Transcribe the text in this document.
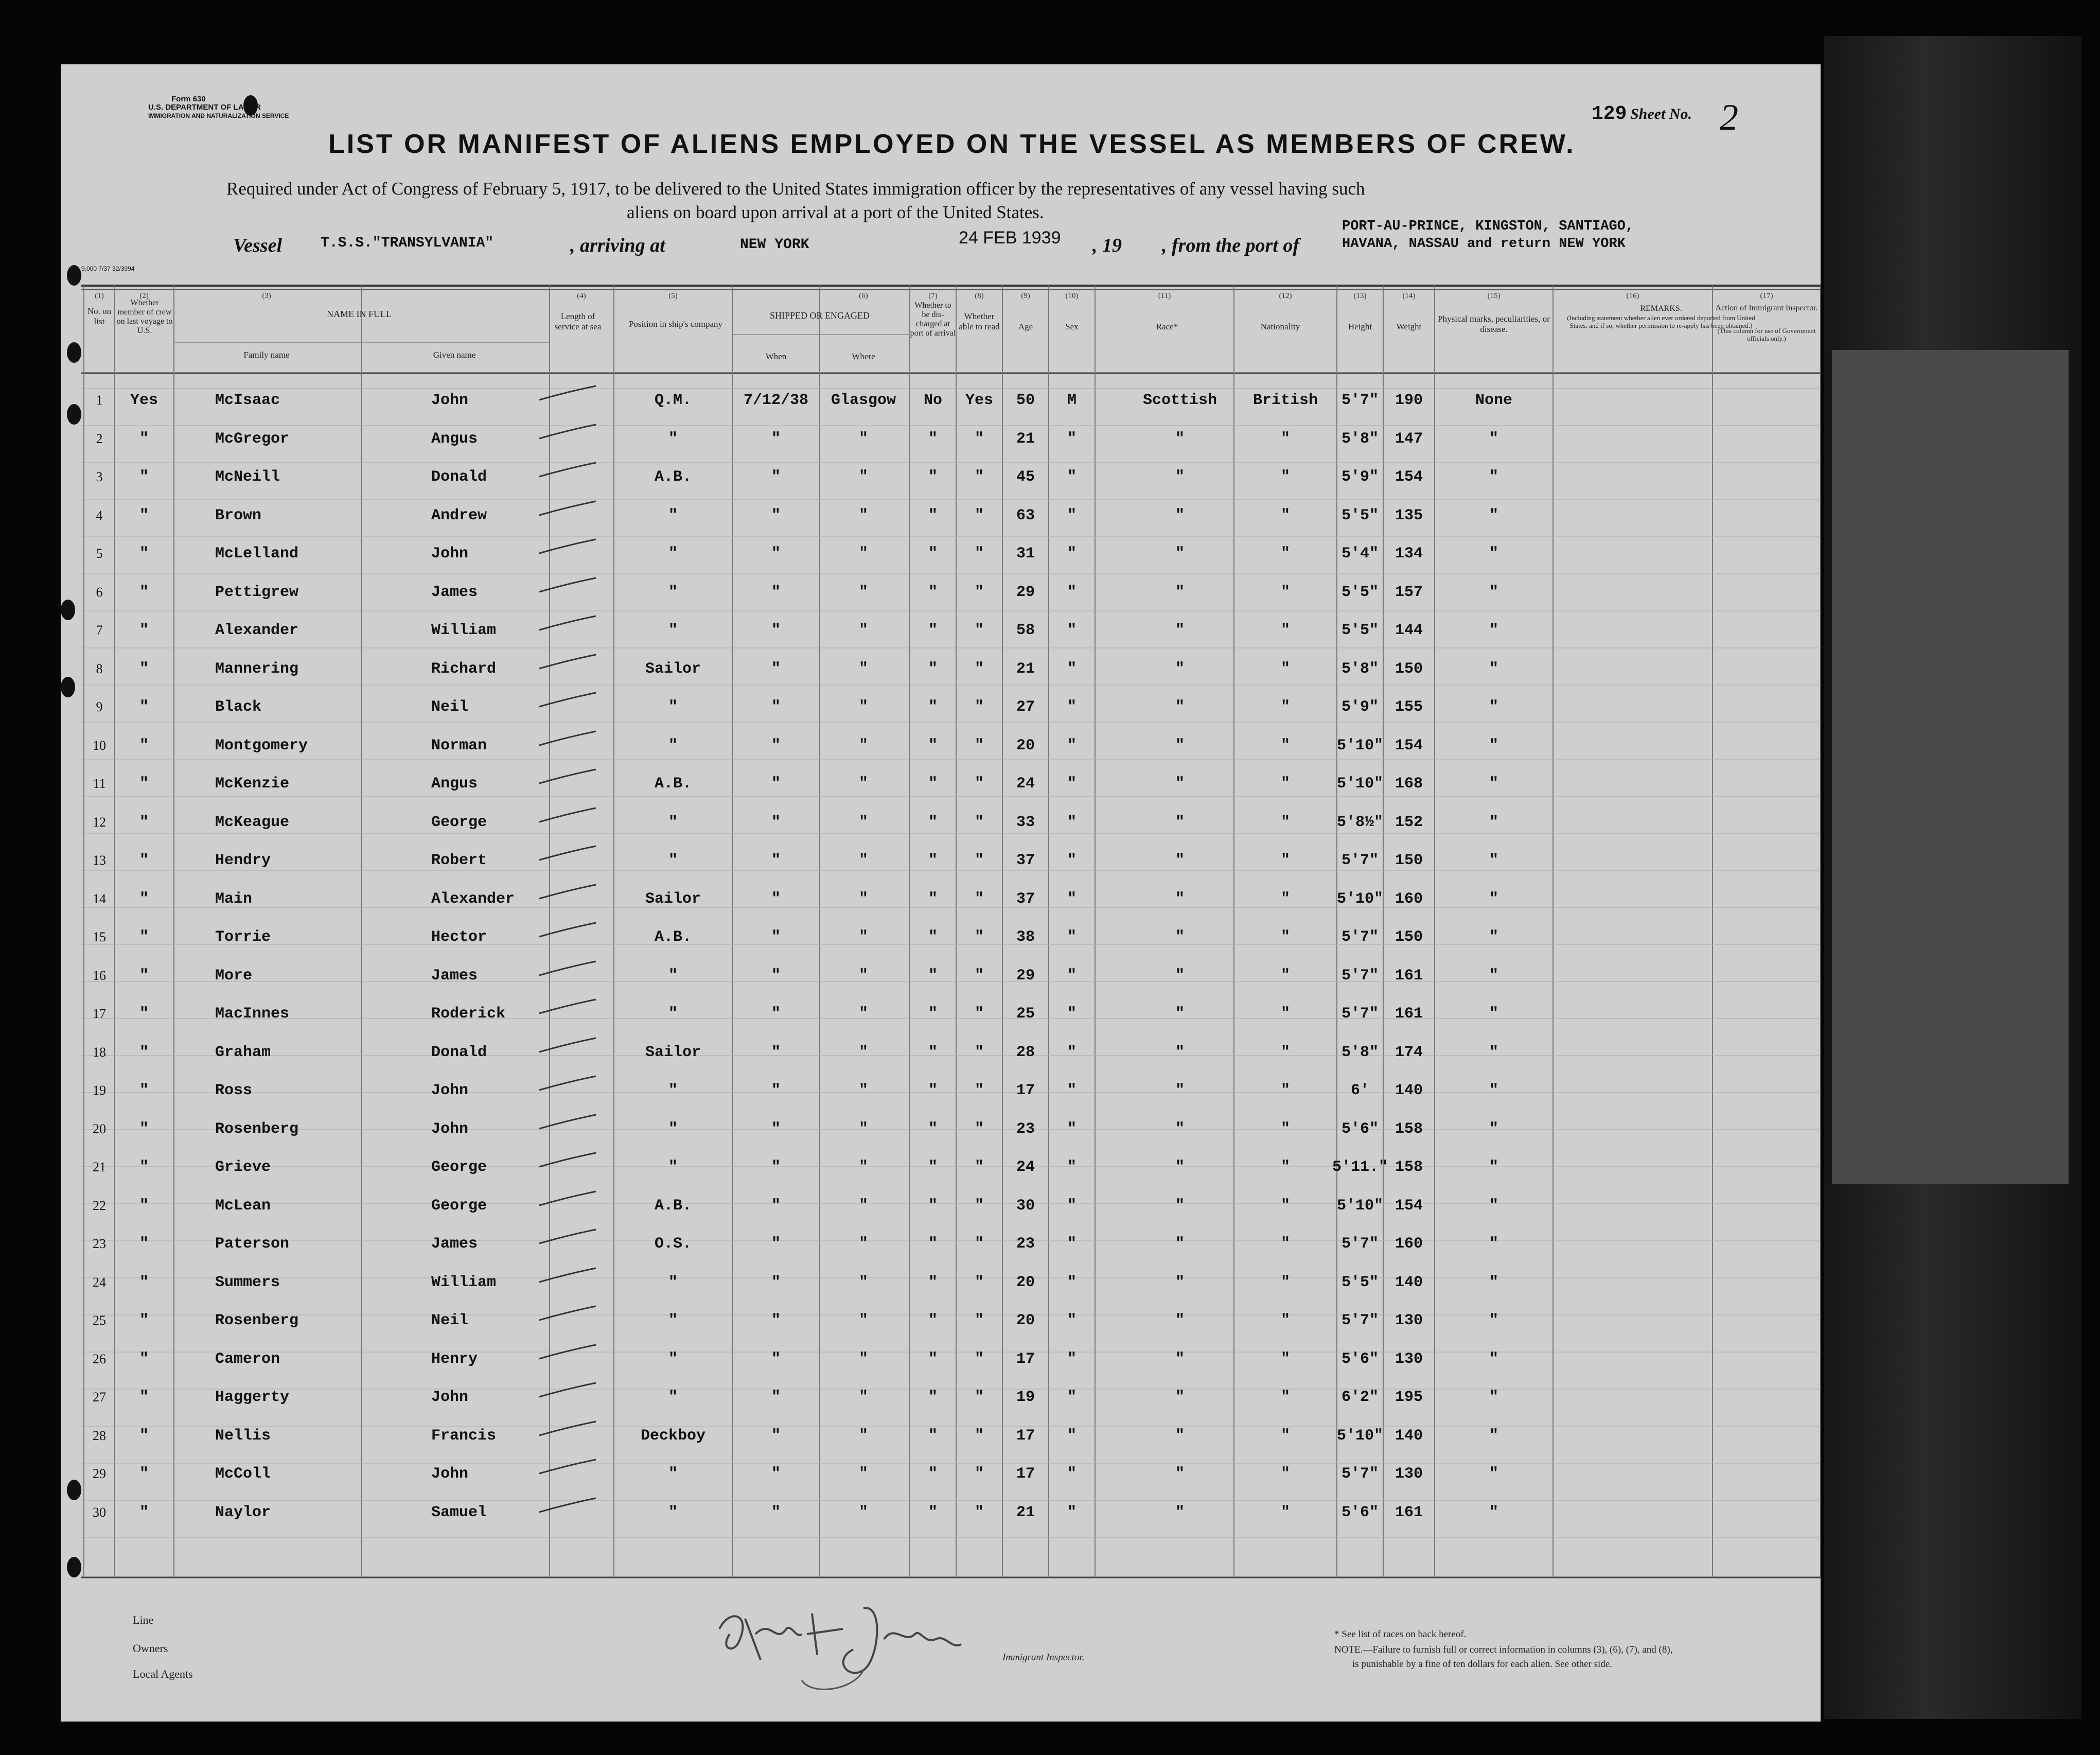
Form 630
U.S. DEPARTMENT OF LABOR
IMMIGRATION AND NATURALIZATION SERVICE
9,000 7/37 32/3994
129 Sheet No. 2
LIST OR MANIFEST OF ALIENS EMPLOYED ON THE VESSEL AS MEMBERS OF CREW.
Required under Act of Congress of February 5, 1917, to be delivered to the United States immigration officer by the representatives of any vessel having such
aliens on board upon arrival at a port of the United States.
Vessel	T.S.S."TRANSYLVANIA"	, arriving at	NEW YORK	24 FEB 1939 , 19 , from the port of
PORT-AU-PRINCE, KINGSTON, SANTIAGO,
HAVANA, NASSAU and return NEW YORK
(1)	(2)	(3)	(4)	(5)	(6)	(7)	(8)	(9)	(10)	(11)	(12)	(13)	(14)	(15)	(16)	(17)
No. on list
Whether member of crew on last voyage to U.S.
NAME IN FULL
Family name	Given name
Length of service at sea	Position in ship's company
SHIPPED OR ENGAGED
When	Where
Whether to be dis-charged at port of arrival
Whether able to read	Age	Sex	Race*	Nationality	Height	Weight
Physical marks, peculiarities, or disease.
REMARKS.
(Including statement whether alien ever ordered deported from United States, and if so, whether permission to re-apply has been obtained.)
Action of Immigrant Inspector.
(This column for use of Government officials only.)
1	Yes	McIsaac	John	Q.M.	7/12/38	Glasgow	No	Yes	50	M	Scottish	British	5'7"	190	None
2	"	McGregor	Angus	"	"	"	"	"	21	"	"	"	5'8"	147	"
3	"	McNeill	Donald	A.B.	"	"	"	"	45	"	"	"	5'9"	154	"
4	"	Brown	Andrew	"	"	"	"	"	63	"	"	"	5'5"	135	"
5	"	McLelland	John	"	"	"	"	"	31	"	"	"	5'4"	134	"
6	"	Pettigrew	James	"	"	"	"	"	29	"	"	"	5'5"	157	"
7	"	Alexander	William	"	"	"	"	"	58	"	"	"	5'5"	144	"
8	"	Mannering	Richard	Sailor	"	"	"	"	21	"	"	"	5'8"	150	"
9	"	Black	Neil	"	"	"	"	"	27	"	"	"	5'9"	155	"
10	"	Montgomery	Norman	"	"	"	"	"	20	"	"	"	5'10" 154	"
11	"	McKenzie	Angus	A.B.	"	"	"	"	24	"	"	"	5'10" 168	"
12	"	McKeague	George	"	"	"	"	"	33	"	"	"	5'8½" 152	"
13	"	Hendry	Robert	"	"	"	"	"	37	"	"	"	5'7"	150	"
14	"	Main	Alexander	Sailor	"	"	"	"	37	"	"	"	5'10" 160	"
15	"	Torrie	Hector	A.B.	"	"	"	"	38	"	"	"	5'7"	150	"
16	"	More	James	"	"	"	"	"	29	"	"	"	5'7"	161	"
17	"	MacInnes	Roderick	"	"	"	"	"	25	"	"	"	5'7"	161	"
18	"	Graham	Donald	Sailor	"	"	"	"	28	"	"	"	5'8"	174	"
19	"	Ross	John	"	"	"	"	"	17	"	"	"	6'	140	"
20	"	Rosenberg	John	"	"	"	"	"	23	"	"	"	5'6"	158	"
21	"	Grieve	George	"	"	"	"	"	24	"	"	"	5'11." 158	"
22	"	McLean	George	A.B.	"	"	"	"	30	"	"	"	5'10" 154	"
23	"	Paterson	James	O.S.	"	"	"	"	23	"	"	"	5'7"	160	"
24	"	Summers	William	"	"	"	"	"	20	"	"	"	5'5"	140	"
25	"	Rosenberg	Neil	"	"	"	"	"	20	"	"	"	5'7"	130	"
26	"	Cameron	Henry	"	"	"	"	"	17	"	"	"	5'6"	130	"
27	"	Haggerty	John	"	"	"	"	"	19	"	"	"	6'2"	195	"
28	"	Nellis	Francis	Deckboy	"	"	"	"	17	"	"	"	5'10" 140	"
29	"	McColl	John	"	"	"	"	"	17	"	"	"	5'7"	130	"
30	"	Naylor	Samuel	"	"	"	"	"	21	"	"	"	5'6"	161	"
Line
Owners
Local Agents
Immigrant Inspector.
* See list of races on back hereof.
NOTE.—Failure to furnish full or correct information in columns (3), (6), (7), and (8),
is punishable by a fine of ten dollars for each alien. See other side.
